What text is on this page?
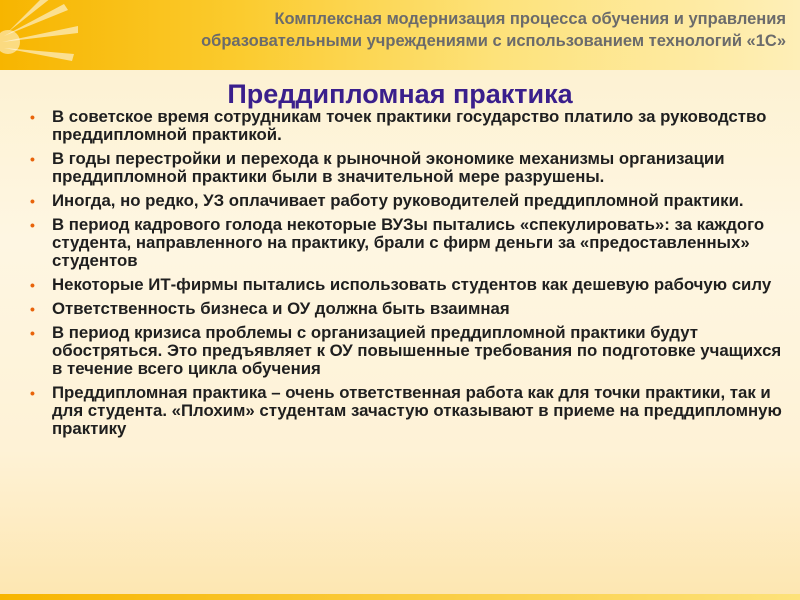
Комплексная модернизация процесса обучения и управления
образовательными учреждениями с использованием технологий «1С»
Преддипломная практика
• В советское время сотрудникам точек практики государство платило за руководство преддипломной практикой.
• В годы перестройки и перехода к рыночной экономике механизмы организации преддипломной практики были в значительной мере разрушены.
• Иногда, но редко, УЗ оплачивает работу руководителей преддипломной практики.
• В период кадрового голода некоторые ВУЗы пытались «спекулировать»: за каждого студента, направленного на практику, брали с фирм деньги за «предоставленных» студентов
• Некоторые ИТ-фирмы пытались использовать студентов как дешевую рабочую силу
• Ответственность бизнеса и ОУ должна быть взаимная
• В период кризиса проблемы с организацией преддипломной практики будут обостряться. Это предъявляет к ОУ повышенные требования по подготовке учащихся в течение всего цикла обучения
• Преддипломная практика – очень ответственная работа как для точки практики, так и для студента. «Плохим» студентам зачастую отказывают в приеме на преддипломную практику
